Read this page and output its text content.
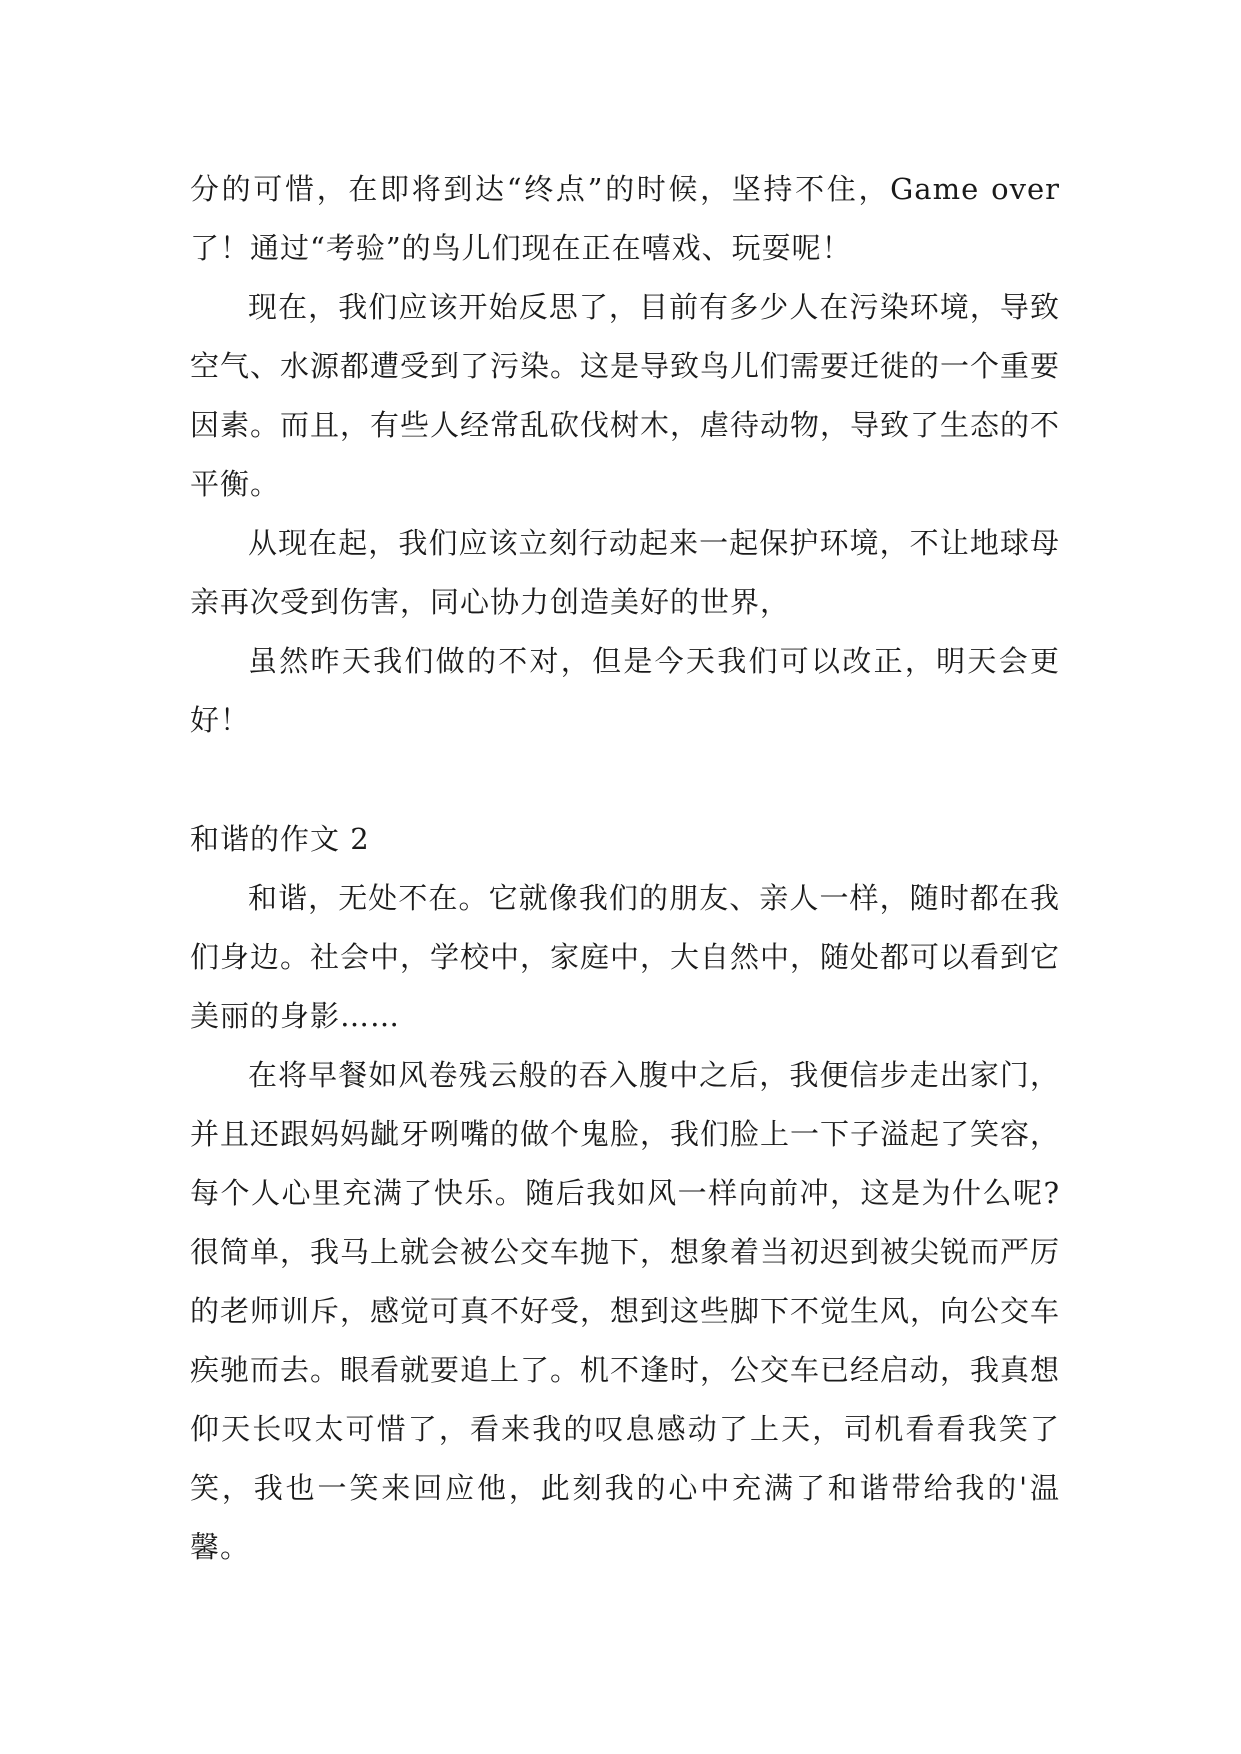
分的可惜，在即将到达“终点”的时候，坚持不住，Game over了！通过“考验”的鸟儿们现在正在嘻戏、玩耍呢！

现在，我们应该开始反思了，目前有多少人在污染环境，导致空气、水源都遭受到了污染。这是导致鸟儿们需要迁徙的一个重要因素。而且，有些人经常乱砍伐树木，虐待动物，导致了生态的不平衡。

从现在起，我们应该立刻行动起来一起保护环境，不让地球母亲再次受到伤害，同心协力创造美好的世界，

虽然昨天我们做的不对，但是今天我们可以改正，明天会更好！

和谐的作文 2

和谐，无处不在。它就像我们的朋友、亲人一样，随时都在我们身边。社会中，学校中，家庭中，大自然中，随处都可以看到它美丽的身影……

在将早餐如风卷残云般的吞入腹中之后，我便信步走出家门，并且还跟妈妈龇牙咧嘴的做个鬼脸，我们脸上一下子溢起了笑容，每个人心里充满了快乐。随后我如风一样向前冲，这是为什么呢?很简单，我马上就会被公交车抛下，想象着当初迟到被尖锐而严厉的老师训斥，感觉可真不好受，想到这些脚下不觉生风，向公交车疾驰而去。眼看就要追上了。机不逢时，公交车已经启动，我真想仰天长叹太可惜了，看来我的叹息感动了上天，司机看看我笑了笑，我也一笑来回应他，此刻我的心中充满了和谐带给我的'温馨。
